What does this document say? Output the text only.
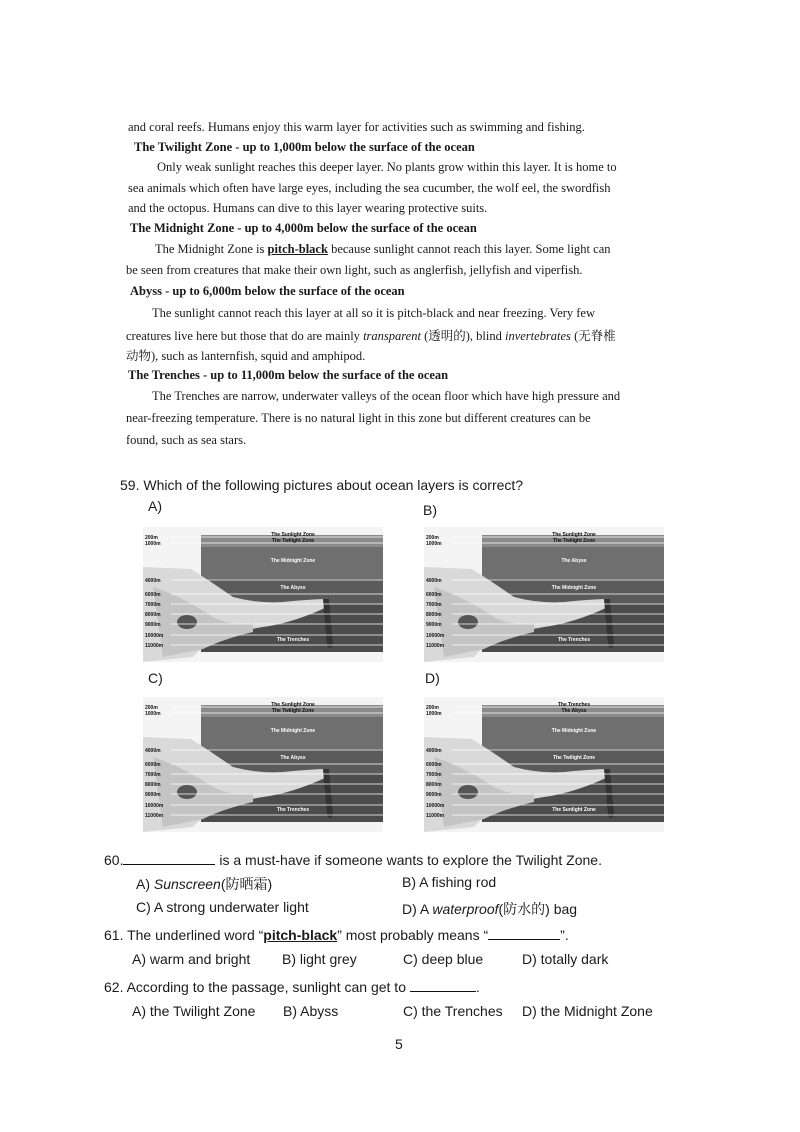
and coral reefs. Humans enjoy this warm layer for activities such as swimming and fishing.
The Twilight Zone - up to 1,000m below the surface of the ocean
Only weak sunlight reaches this deeper layer. No plants grow within this layer. It is home to
sea animals which often have large eyes, including the sea cucumber, the wolf eel, the swordfish
and the octopus. Humans can dive to this layer wearing protective suits.
The Midnight Zone - up to 4,000m below the surface of the ocean
The Midnight Zone is pitch-black because sunlight cannot reach this layer. Some light can
be seen from creatures that make their own light, such as anglerfish, jellyfish and viperfish.
Abyss - up to 6,000m below the surface of the ocean
The sunlight cannot reach this layer at all so it is pitch-black and near freezing. Very few
creatures live here but those that do are mainly transparent (透明的), blind invertebrates (无脊椎
动物), such as lanternfish, squid and amphipod.
The Trenches - up to 11,000m below the surface of the ocean
The Trenches are narrow, underwater valleys of the ocean floor which have high pressure and
near-freezing temperature. There is no natural light in this zone but different creatures can be
found, such as sea stars.
59. Which of the following pictures about ocean layers is correct?
A)	B)
C)	D)
200m
1000m
4000m
6000m
7000m
8000m
9000m
10000m
11000m
The Sunlight Zone
The Twilight Zone
The Midnight Zone
The Abyss
The Trenches
200m
1000m
4000m
6000m
7000m
8000m
9000m
10000m
11000m
The Sunlight Zone
The Twilight Zone
The Abyss
The Midnight Zone
The Trenches
200m
1000m
4000m
6000m
7000m
8000m
9000m
10000m
11000m
The Sunlight Zone
The Twilight Zone
The Midnight Zone
The Abyss
The Trenches
200m
1000m
4000m
6000m
7000m
8000m
9000m
10000m
11000m
The Trenches
The Abyss
The Midnight Zone
The Twilight Zone
The Sunlight Zone
60.	is a must-have if someone wants to explore the Twilight Zone.
A) Sunscreen(防晒霜)	B) A fishing rod
C) A strong underwater light	D) A waterproof(防水的) bag
61. The underlined word “pitch-black” most probably means “	”.
A) warm and bright B) light grey	C) deep blue	D) totally dark
62. According to the passage, sunlight can get to	.
A) the Twilight Zone B) Abyss	C) the Trenches D) the Midnight Zone
5
